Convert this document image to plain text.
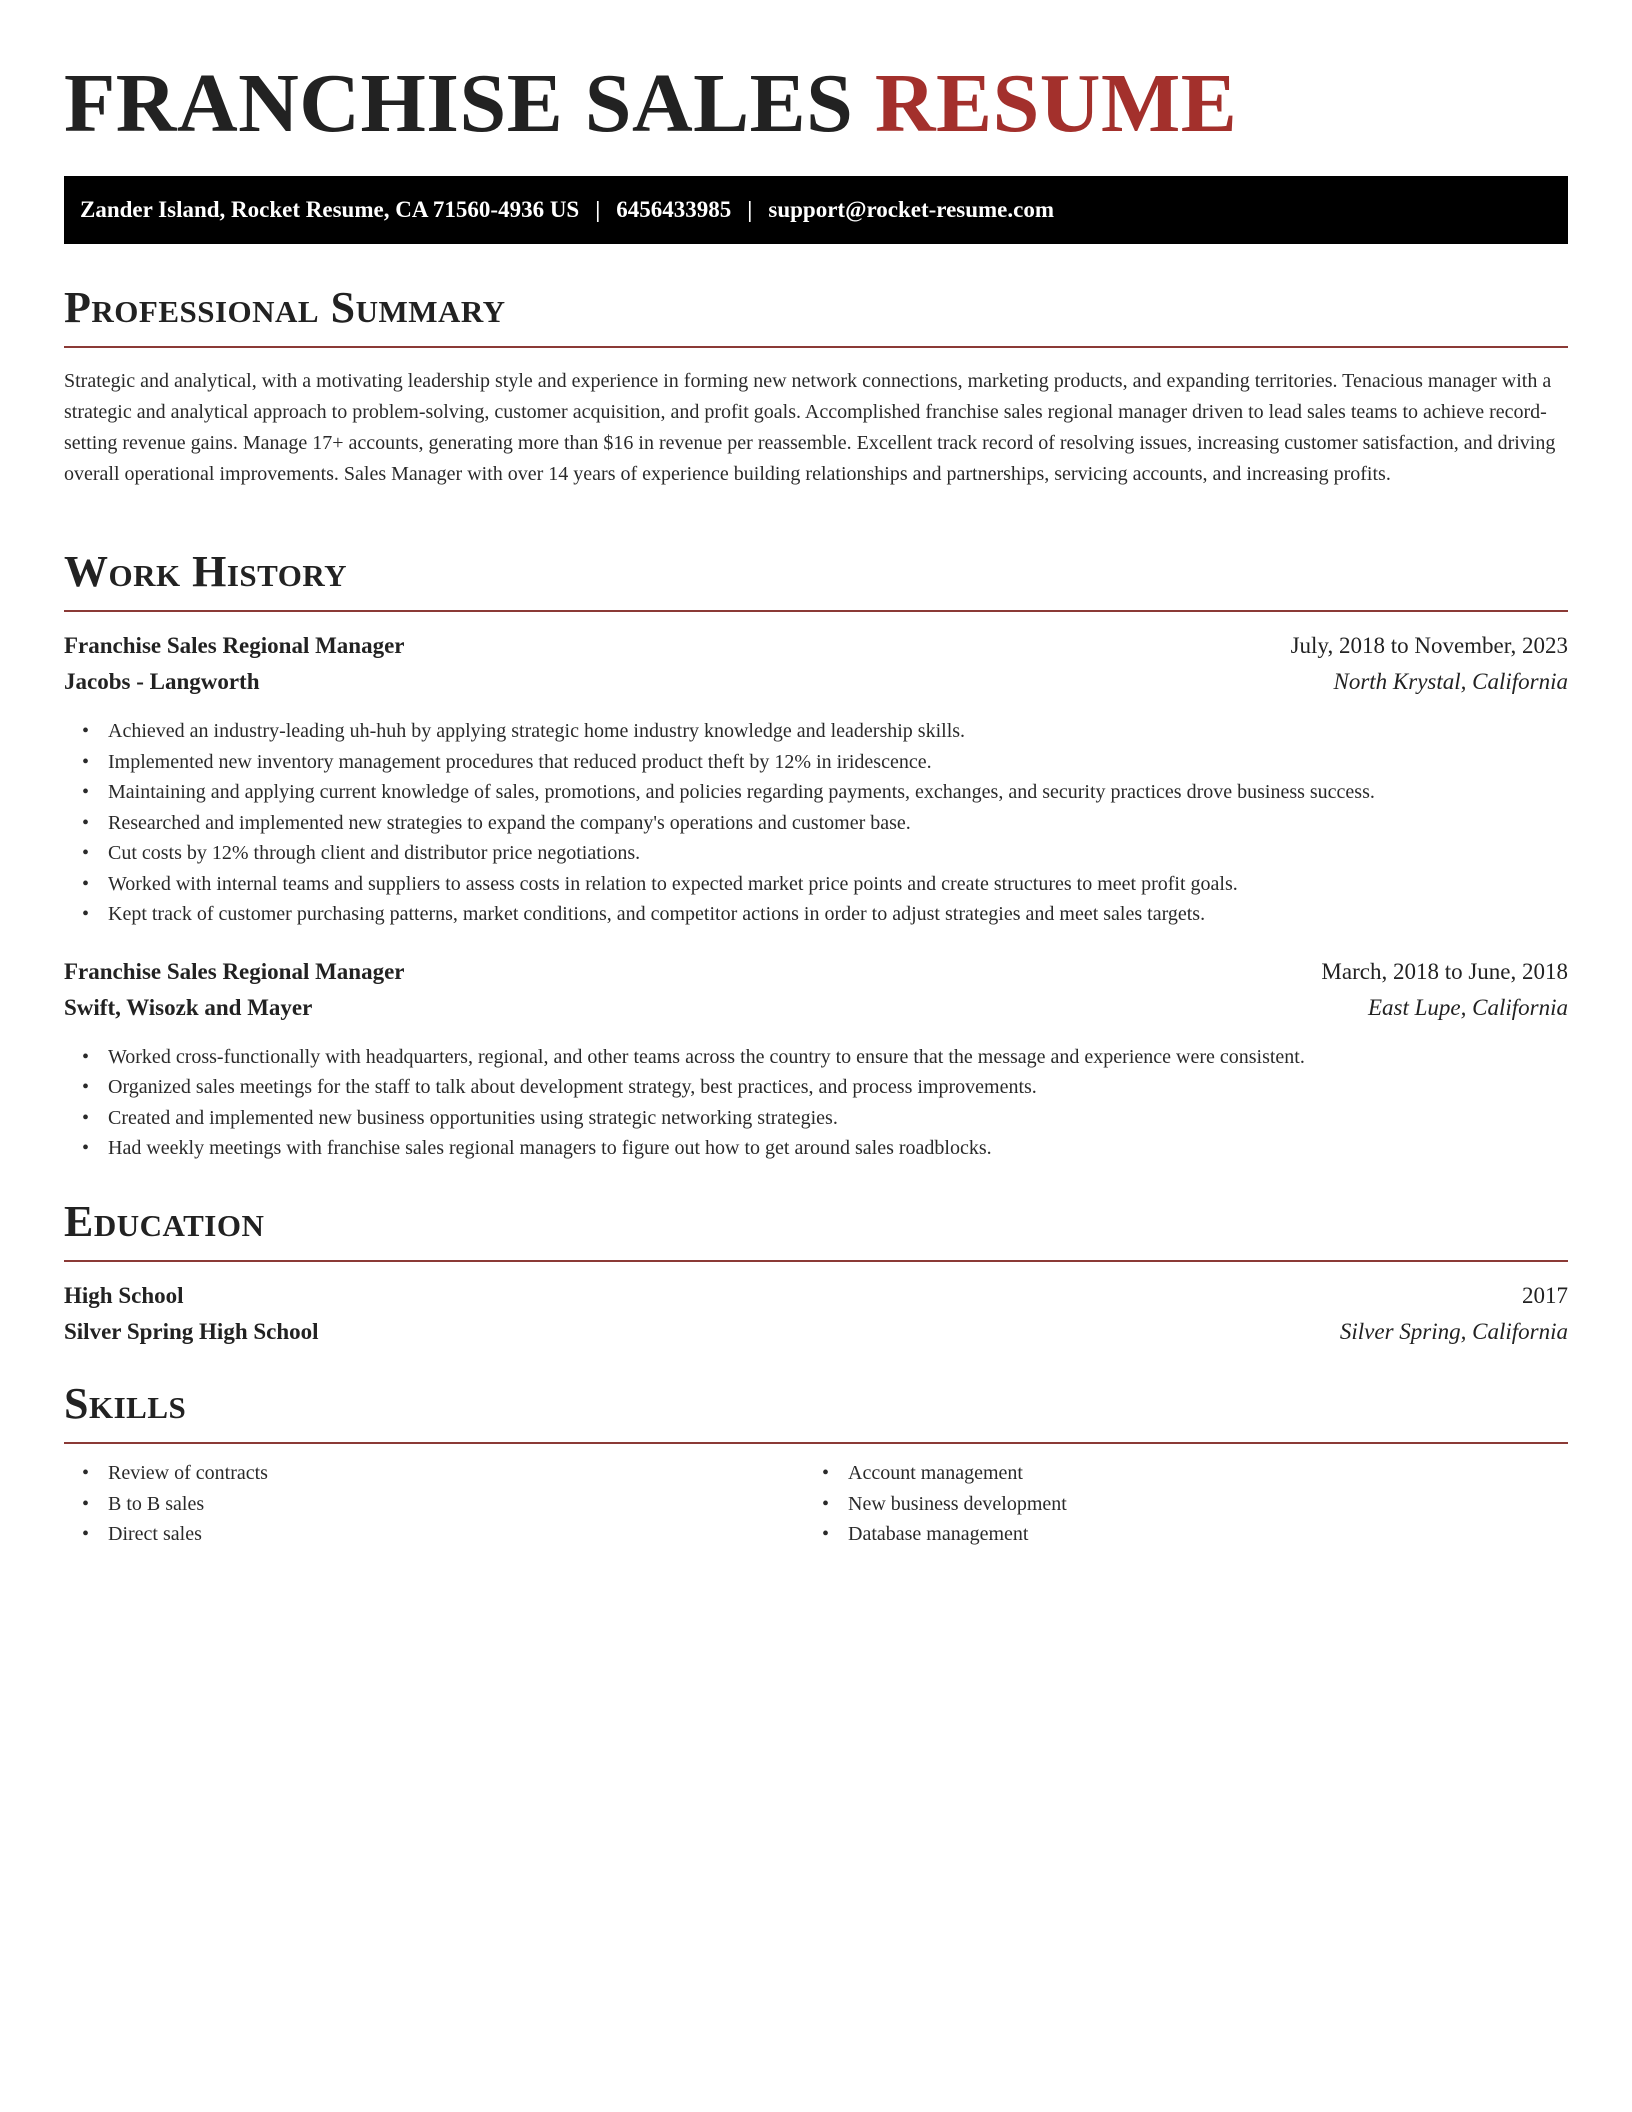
FRANCHISE SALES RESUME
Zander Island, Rocket Resume, CA 71560-4936 US | 6456433985 | support@rocket-resume.com
Professional Summary

Strategic and analytical, with a motivating leadership style and experience in forming new network connections, marketing products, and expanding territories. Tenacious manager with a strategic and analytical approach to problem-solving, customer acquisition, and profit goals. Accomplished franchise sales regional manager driven to lead sales teams to achieve record-setting revenue gains. Manage 17+ accounts, generating more than $16 in revenue per reassemble. Excellent track record of resolving issues, increasing customer satisfaction, and driving overall operational improvements. Sales Manager with over 14 years of experience building relationships and partnerships, servicing accounts, and increasing profits.

Work History
Franchise Sales Regional Manager	July, 2018 to November, 2023
Jacobs - Langworth	North Krystal, California
• Achieved an industry-leading uh-huh by applying strategic home industry knowledge and leadership skills.
• Implemented new inventory management procedures that reduced product theft by 12% in iridescence.
• Maintaining and applying current knowledge of sales, promotions, and policies regarding payments, exchanges, and security practices drove business success.
• Researched and implemented new strategies to expand the company's operations and customer base.
• Cut costs by 12% through client and distributor price negotiations.
• Worked with internal teams and suppliers to assess costs in relation to expected market price points and create structures to meet profit goals.
• Kept track of customer purchasing patterns, market conditions, and competitor actions in order to adjust strategies and meet sales targets.
Franchise Sales Regional Manager	March, 2018 to June, 2018
Swift, Wisozk and Mayer	East Lupe, California
• Worked cross-functionally with headquarters, regional, and other teams across the country to ensure that the message and experience were consistent.
• Organized sales meetings for the staff to talk about development strategy, best practices, and process improvements.
• Created and implemented new business opportunities using strategic networking strategies.
• Had weekly meetings with franchise sales regional managers to figure out how to get around sales roadblocks.
Education
High School	2017
Silver Spring High School	Silver Spring, California
Skills
• Review of contracts
• B to B sales
• Direct sales
• Account management
• New business development
• Database management
